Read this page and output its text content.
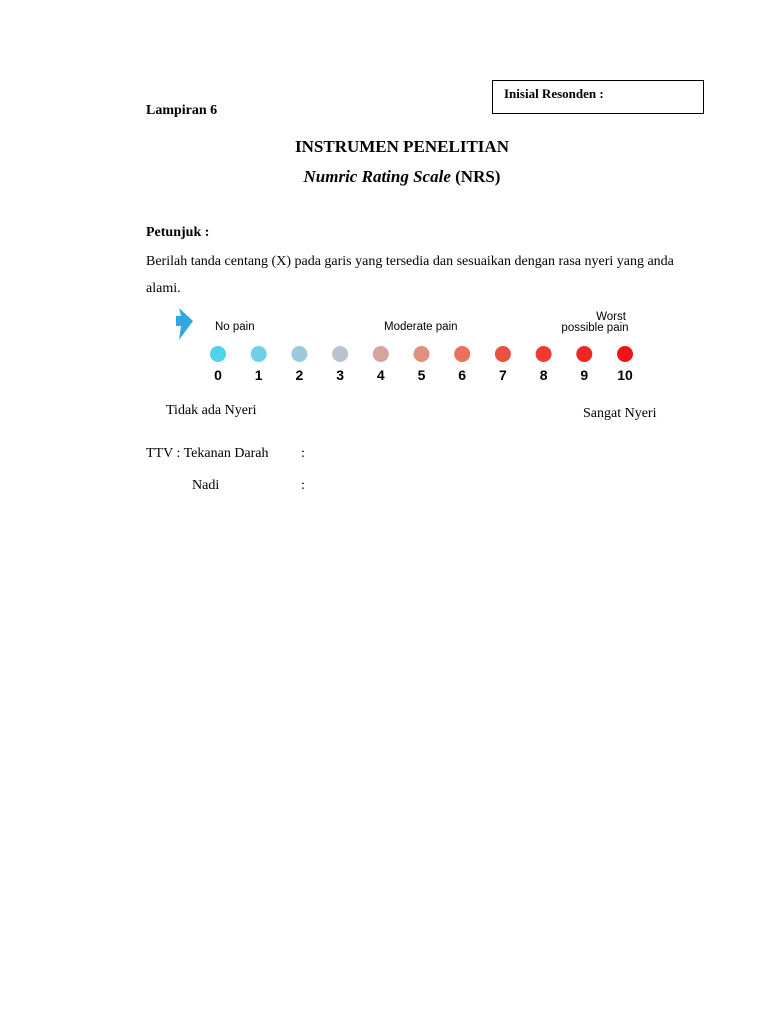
Inisial Resonden :
Lampiran 6
INSTRUMEN PENELITIAN
Numric Rating Scale (NRS)
Petunjuk :
Berilah tanda centang (X) pada garis yang tersedia dan sesuaikan dengan rasa nyeri yang anda alami.
No pain	Moderate pain
Worst
possible pain
0 1 2 3 4 5 6 7 8 9 10
Tidak ada Nyeri	Sangat Nyeri
TTV : Tekanan Darah :
Nadi	:
